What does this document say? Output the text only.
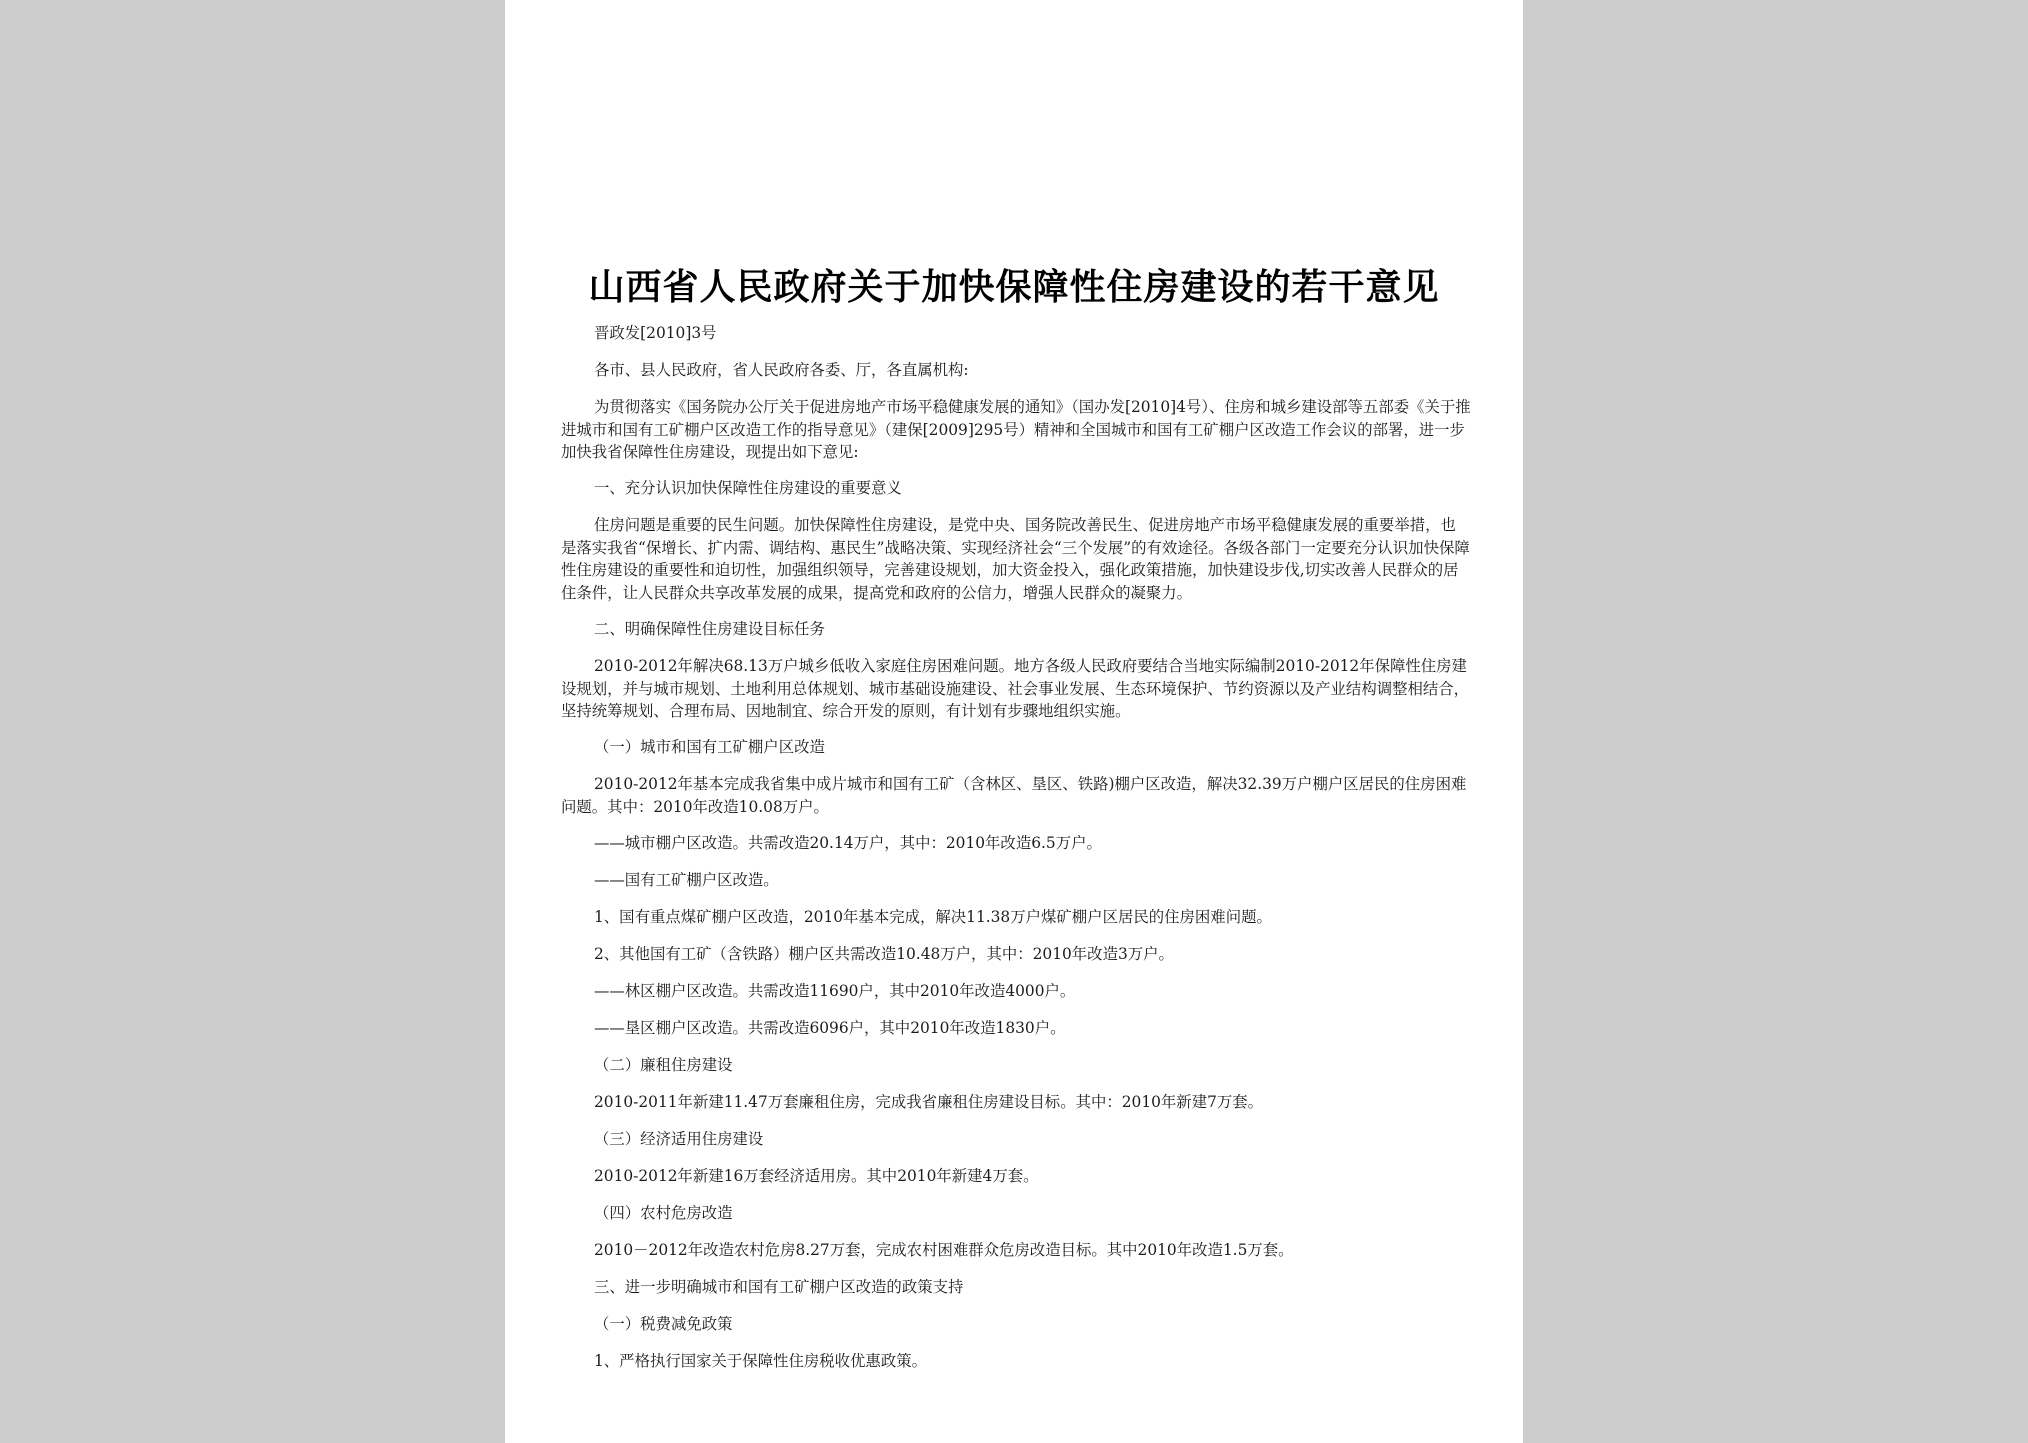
山西省人民政府关于加快保障性住房建设的若干意见

晋政发[2010]3号

各市、县人民政府，省人民政府各委、厅，各直属机构:

为贯彻落实《国务院办公厅关于促进房地产市场平稳健康发展的通知》（国办发[2010]4号）、住房和城乡建设部等五部委《关于推进城市和国有工矿棚户区改造工作的指导意见》（建保[2009]295号）精神和全国城市和国有工矿棚户区改造工作会议的部署，进一步加快我省保障性住房建设，现提出如下意见:

一、充分认识加快保障性住房建设的重要意义

住房问题是重要的民生问题。加快保障性住房建设，是党中央、国务院改善民生、促进房地产市场平稳健康发展的重要举措，也是落实我省“保增长、扩内需、调结构、惠民生”战略决策、实现经济社会“三个发展”的有效途径。各级各部门一定要充分认识加快保障性住房建设的重要性和迫切性，加强组织领导，完善建设规划，加大资金投入，强化政策措施，加快建设步伐,切实改善人民群众的居住条件，让人民群众共享改革发展的成果，提高党和政府的公信力，增强人民群众的凝聚力。

二、明确保障性住房建设目标任务

2010-2012年解决68.13万户城乡低收入家庭住房困难问题。地方各级人民政府要结合当地实际编制2010-2012年保障性住房建设规划，并与城市规划、土地利用总体规划、城市基础设施建设、社会事业发展、生态环境保护、节约资源以及产业结构调整相结合，坚持统筹规划、合理布局、因地制宜、综合开发的原则，有计划有步骤地组织实施。

（一）城市和国有工矿棚户区改造

2010-2012年基本完成我省集中成片城市和国有工矿（含林区、垦区、铁路)棚户区改造，解决32.39万户棚户区居民的住房困难问题。其中：2010年改造10.08万户。

——城市棚户区改造。共需改造20.14万户，其中：2010年改造6.5万户。

——国有工矿棚户区改造。

1、国有重点煤矿棚户区改造，2010年基本完成，解决11.38万户煤矿棚户区居民的住房困难问题。

2、其他国有工矿（含铁路）棚户区共需改造10.48万户，其中：2010年改造3万户。

——林区棚户区改造。共需改造11690户，其中2010年改造4000户。

——垦区棚户区改造。共需改造6096户，其中2010年改造1830户。

（二）廉租住房建设

2010-2011年新建11.47万套廉租住房，完成我省廉租住房建设目标。其中：2010年新建7万套。

（三）经济适用住房建设

2010-2012年新建16万套经济适用房。其中2010年新建4万套。

（四）农村危房改造

2010－2012年改造农村危房8.27万套，完成农村困难群众危房改造目标。其中2010年改造1.5万套。

三、进一步明确城市和国有工矿棚户区改造的政策支持

（一）税费减免政策

1、严格执行国家关于保障性住房税收优惠政策。
